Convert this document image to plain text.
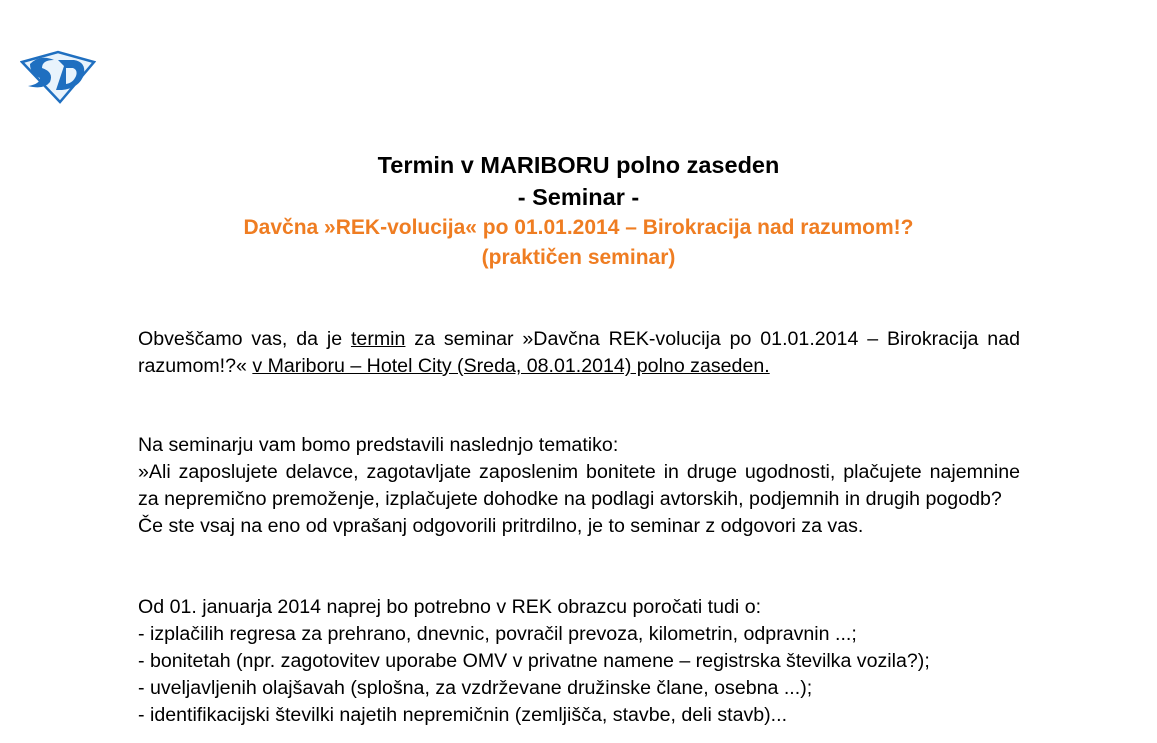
Termin v MARIBORU polno zaseden
- Seminar -
Davčna »REK-volucija« po 01.01.2014 – Birokracija nad razumom!?
(praktičen seminar)

Obveščamo vas, da je termin za seminar »Davčna REK-volucija po 01.01.2014 – Birokracija nad razumom!?« v Mariboru – Hotel City (Sreda, 08.01.2014) polno zaseden.

Na seminarju vam bomo predstavili naslednjo tematiko:
»Ali zaposlujete delavce, zagotavljate zaposlenim bonitete in druge ugodnosti, plačujete najemnine za nepremično premoženje, izplačujete dohodke na podlagi avtorskih, podjemnih in drugih pogodb?
Če ste vsaj na eno od vprašanj odgovorili pritrdilno, je to seminar z odgovori za vas.

Od 01. januarja 2014 naprej bo potrebno v REK obrazcu poročati tudi o:
- izplačilih regresa za prehrano, dnevnic, povračil prevoza, kilometrin, odpravnin ...;
- bonitetah (npr. zagotovitev uporabe OMV v privatne namene – registrska številka vozila?);
- uveljavljenih olajšavah (splošna, za vzdrževane družinske člane, osebna ...);
- identifikacijski številki najetih nepremičnin (zemljišča, stavbe, deli stavb)...
